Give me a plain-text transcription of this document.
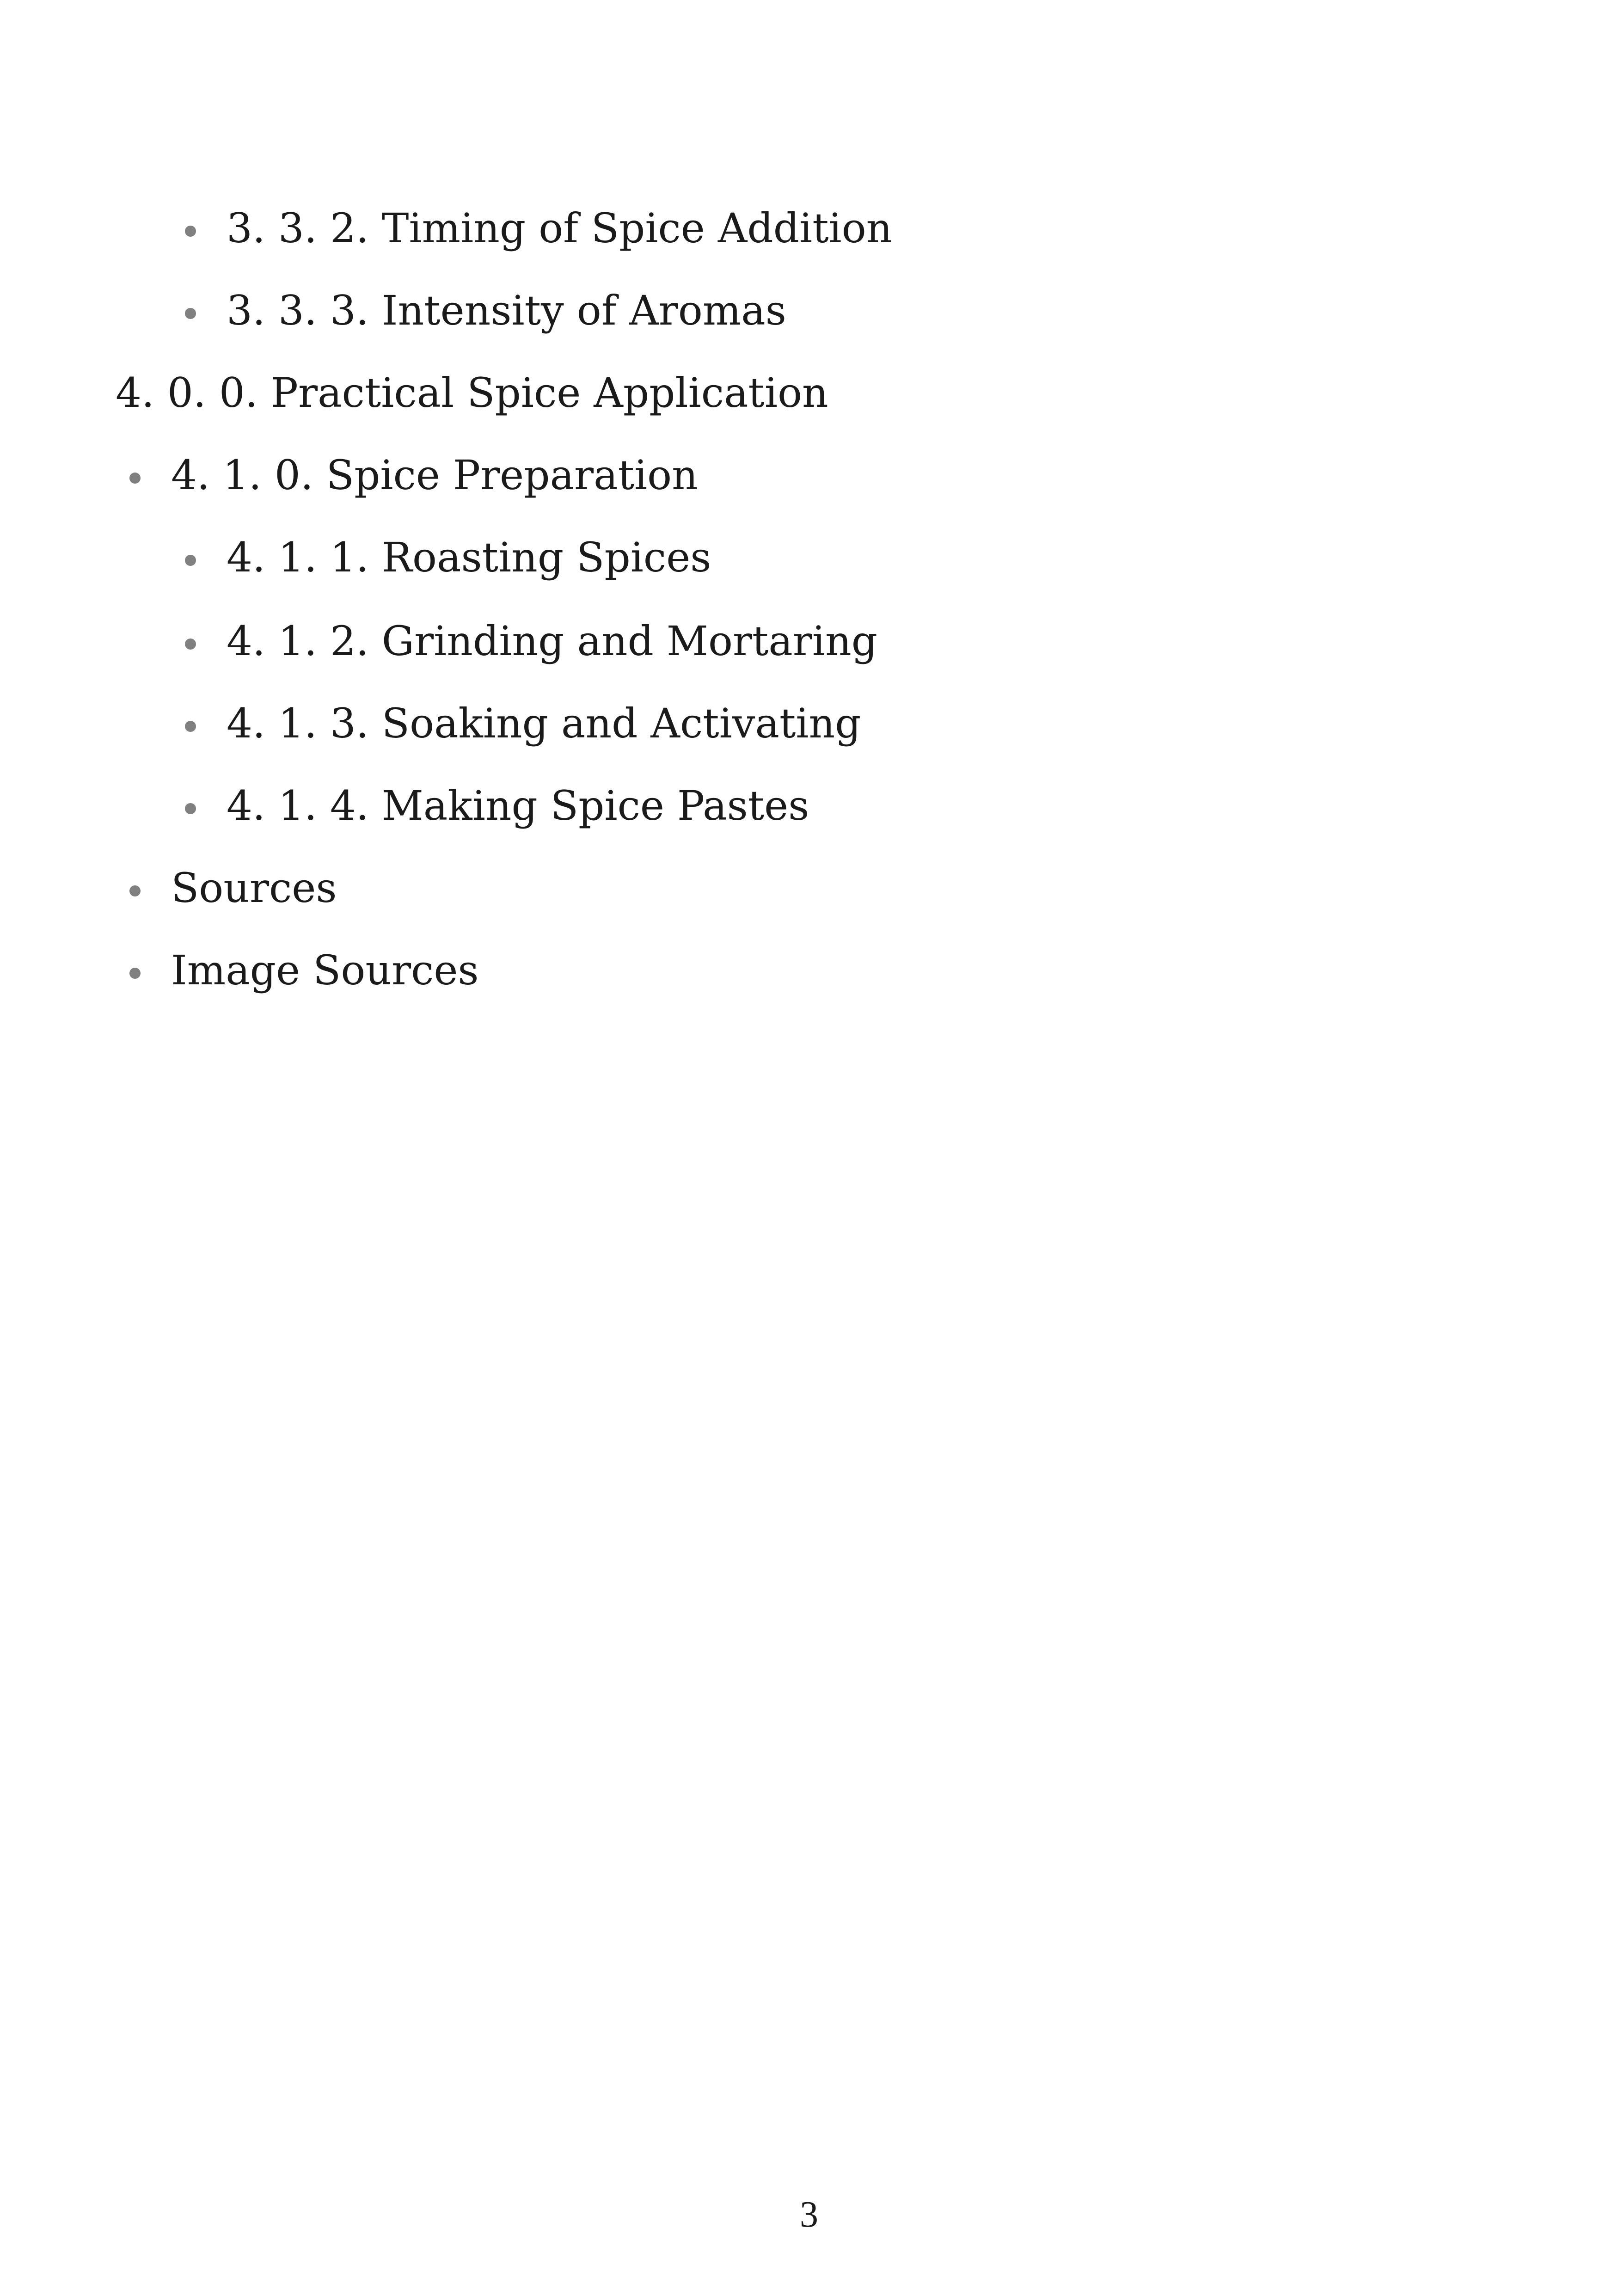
3. 3. 2. Timing of Spice Addition
3. 3. 3. Intensity of Aromas
4. 0. 0. Practical Spice Application
4. 1. 0. Spice Preparation
4. 1. 1. Roasting Spices
4. 1. 2. Grinding and Mortaring
4. 1. 3. Soaking and Activating
4. 1. 4. Making Spice Pastes
Sources
Image Sources
3
